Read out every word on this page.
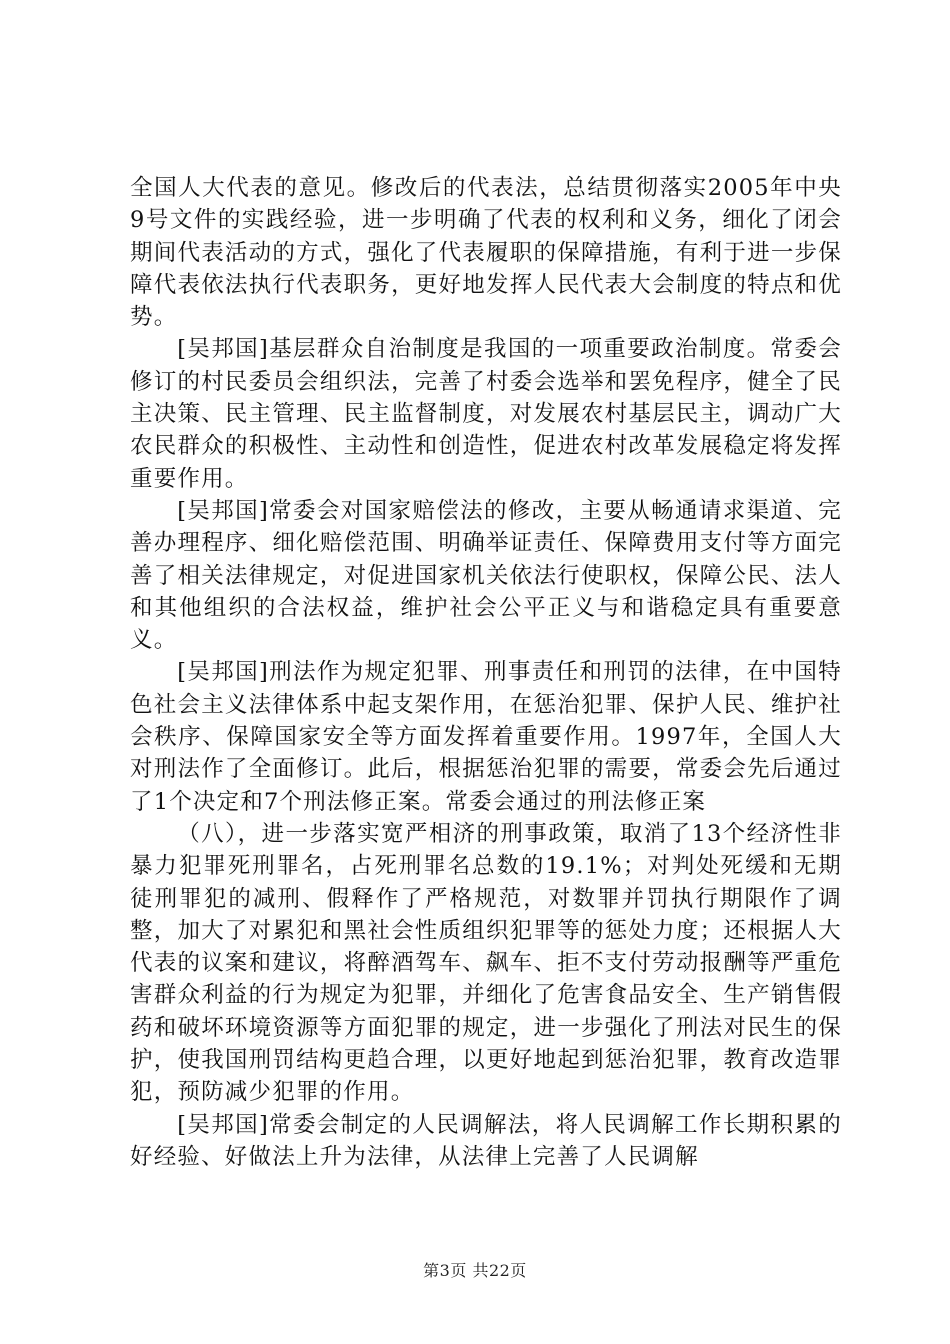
全国人大代表的意见。修改后的代表法，总结贯彻落实2005年中央9号文件的实践经验，进一步明确了代表的权利和义务，细化了闭会期间代表活动的方式，强化了代表履职的保障措施，有利于进一步保障代表依法执行代表职务，更好地发挥人民代表大会制度的特点和优势。

[吴邦国]基层群众自治制度是我国的一项重要政治制度。常委会修订的村民委员会组织法，完善了村委会选举和罢免程序，健全了民主决策、民主管理、民主监督制度，对发展农村基层民主，调动广大农民群众的积极性、主动性和创造性，促进农村改革发展稳定将发挥重要作用。

[吴邦国]常委会对国家赔偿法的修改，主要从畅通请求渠道、完善办理程序、细化赔偿范围、明确举证责任、保障费用支付等方面完善了相关法律规定，对促进国家机关依法行使职权，保障公民、法人和其他组织的合法权益，维护社会公平正义与和谐稳定具有重要意义。

[吴邦国]刑法作为规定犯罪、刑事责任和刑罚的法律，在中国特色社会主义法律体系中起支架作用，在惩治犯罪、保护人民、维护社会秩序、保障国家安全等方面发挥着重要作用。1997年，全国人大对刑法作了全面修订。此后，根据惩治犯罪的需要，常委会先后通过了1个决定和7个刑法修正案。常委会通过的刑法修正案

（八），进一步落实宽严相济的刑事政策，取消了13个经济性非暴力犯罪死刑罪名，占死刑罪名总数的19.1%；对判处死缓和无期徒刑罪犯的减刑、假释作了严格规范，对数罪并罚执行期限作了调整，加大了对累犯和黑社会性质组织犯罪等的惩处力度；还根据人大代表的议案和建议，将醉酒驾车、飙车、拒不支付劳动报酬等严重危害群众利益的行为规定为犯罪，并细化了危害食品安全、生产销售假药和破坏环境资源等方面犯罪的规定，进一步强化了刑法对民生的保护，使我国刑罚结构更趋合理，以更好地起到惩治犯罪，教育改造罪犯，预防减少犯罪的作用。

[吴邦国]常委会制定的人民调解法，将人民调解工作长期积累的好经验、好做法上升为法律，从法律上完善了人民调解

第3页 共22页
